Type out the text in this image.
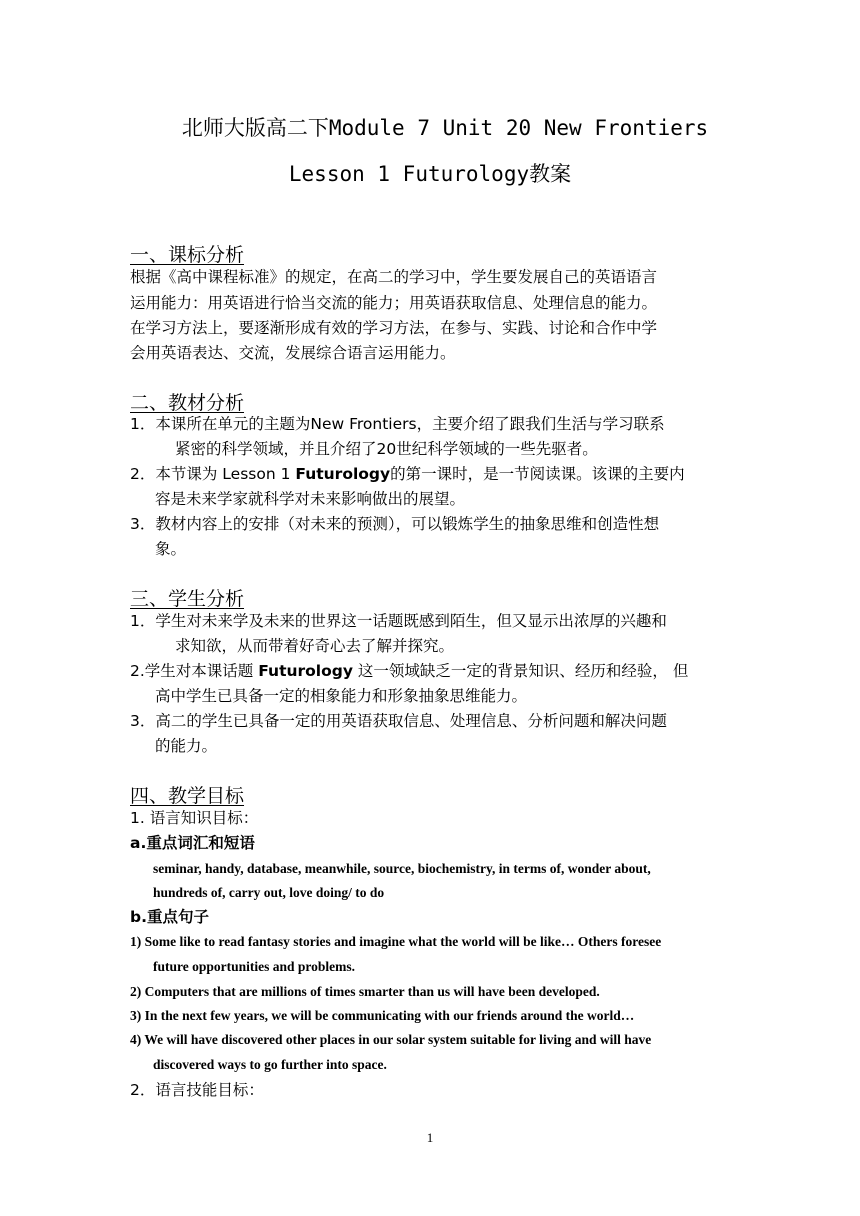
北师大版高二下Module 7 Unit 20 New Frontiers
Lesson 1 Futurology教案
一、课标分析
根据《高中课程标准》的规定，在高二的学习中，学生要发展自己的英语语言
运用能力：用英语进行恰当交流的能力；用英语获取信息、处理信息的能力。
在学习方法上，要逐渐形成有效的学习方法，在参与、实践、讨论和合作中学
会用英语表达、交流，发展综合语言运用能力。
二、教材分析
1．本课所在单元的主题为New Frontiers，主要介绍了跟我们生活与学习联系
紧密的科学领域，并且介绍了20世纪科学领域的一些先驱者。
2．本节课为 Lesson 1 Futurology的第一课时，是一节阅读课。该课的主要内
容是未来学家就科学对未来影响做出的展望。
3．教材内容上的安排（对未来的预测），可以锻炼学生的抽象思维和创造性想
象。
三、学生分析
1．学生对未来学及未来的世界这一话题既感到陌生，但又显示出浓厚的兴趣和
求知欲，从而带着好奇心去了解并探究。
2.学生对本课话题 Futurology 这一领域缺乏一定的背景知识、经历和经验， 但
高中学生已具备一定的相象能力和形象抽象思维能力。
3．高二的学生已具备一定的用英语获取信息、处理信息、分析问题和解决问题
的能力。
四、教学目标
1. 语言知识目标：
a.重点词汇和短语
seminar, handy, database, meanwhile, source, biochemistry, in terms of, wonder about,
hundreds of, carry out, love doing/ to do
b.重点句子
1) Some like to read fantasy stories and imagine what the world will be like… Others foresee
future opportunities and problems.
2) Computers that are millions of times smarter than us will have been developed.
3) In the next few years, we will be communicating with our friends around the world…
4) We will have discovered other places in our solar system suitable for living and will have
discovered ways to go further into space.
2．语言技能目标：
1
